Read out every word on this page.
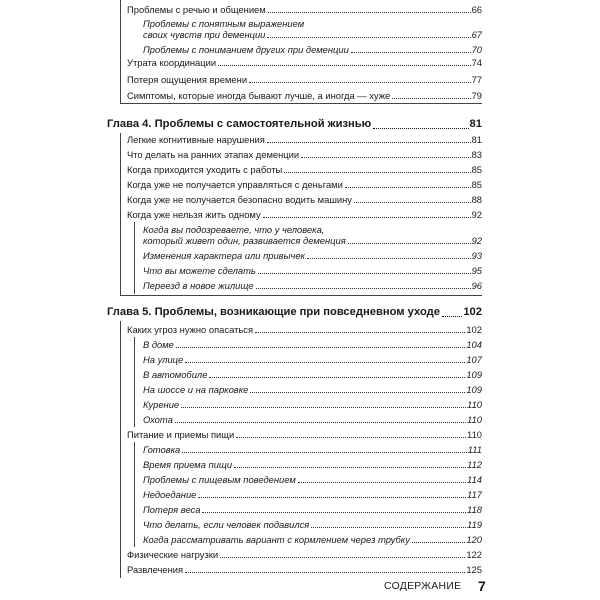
Проблемы с речью и общением	66
Проблемы с понятным выражением
своих чувств при деменции	67
Проблемы с пониманием других при деменции	70
Утрата координации	74
Потеря ощущения времени	77
Симптомы, которые иногда бывают лучше, а иногда — хуже	79
Глава 4. Проблемы с самостоятельной жизнью	81
Легкие когнитивные нарушения	81
Что делать на ранних этапах деменции	83
Когда приходится уходить с работы	85
Когда уже не получается управляться с деньгами	85
Когда уже не получается безопасно водить машину	88
Когда уже нельзя жить одному	92
Когда вы подозреваете, что у человека,
который живет один, развивается деменция	92
Изменения характера или привычек	93
Что вы можете сделать	95
Переезд в новое жилище	96
Глава 5. Проблемы, возникающие при повседневном уходе 102
Каких угроз нужно опасаться	102
В доме	104
На улице	107
В автомобиле	109
На шоссе и на парковке	109
Курение	110
Охота	110
Питание и приемы пищи	110
Готовка	111
Время приема пищи	112
Проблемы с пищевым поведением	114
Недоедание	117
Потеря веса	118
Что делать, если человек подавился	119
Когда рассматривать вариант с кормлением через трубку	120
Физические нагрузки	122
Развлечения	125
СОДЕРЖАНИЕ 7
